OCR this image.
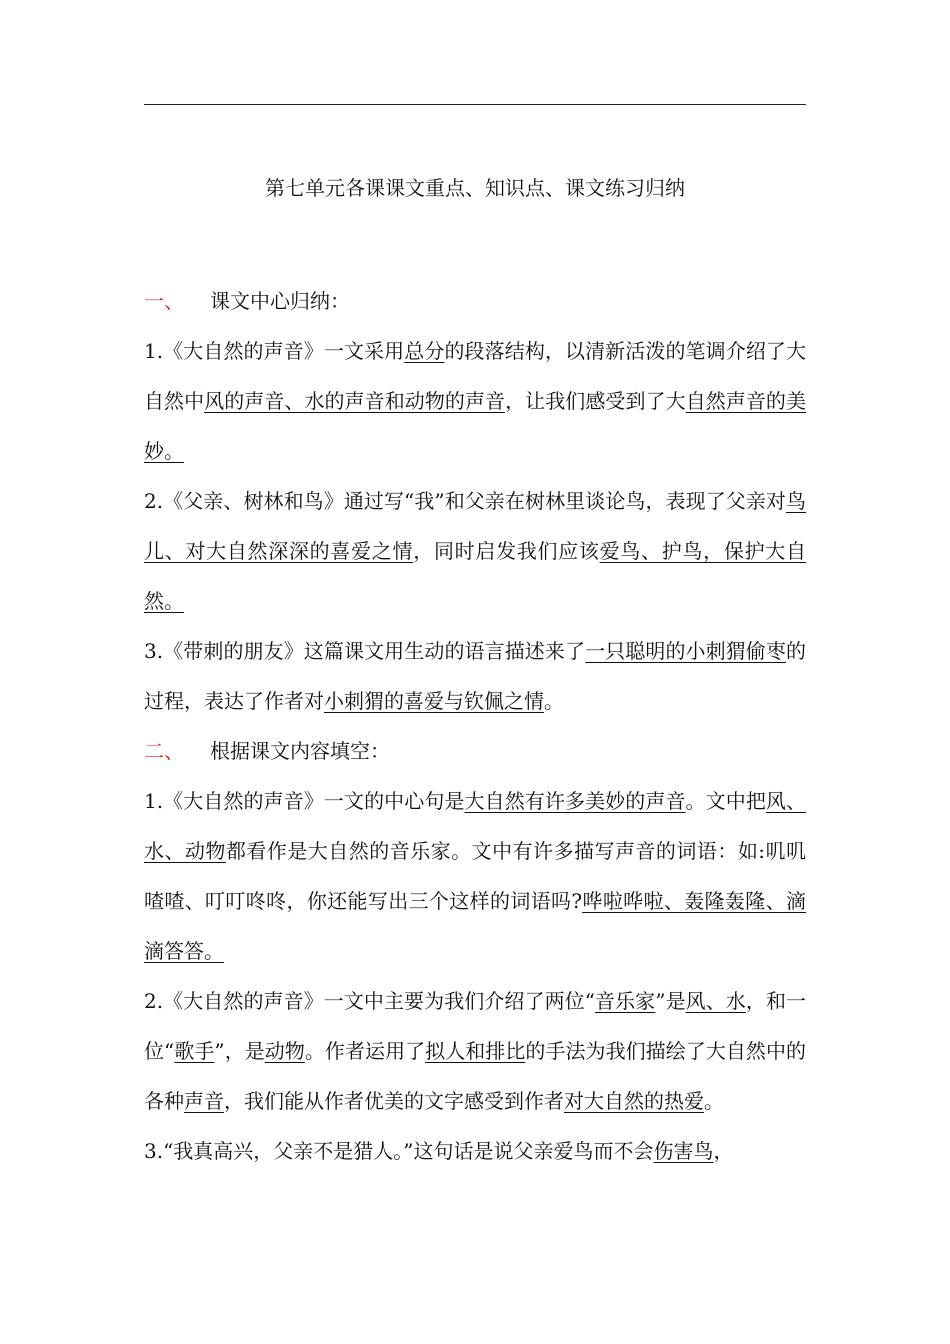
第七单元各课课文重点、知识点、课文练习归纳
一、 课文中心归纳：

1.《大自然的声音》一文采用总分的段落结构，以清新活泼的笔调介绍了大自然中风的声音、水的声音和动物的声音，让我们感受到了大自然声音的美妙。

2.《父亲、树林和鸟》通过写“我”和父亲在树林里谈论鸟，表现了父亲对鸟儿、对大自然深深的喜爱之情，同时启发我们应该爱鸟、护鸟，保护大自然。

3.《带刺的朋友》这篇课文用生动的语言描述来了一只聪明的小刺猬偷枣的过程，表达了作者对小刺猬的喜爱与钦佩之情。

二、 根据课文内容填空：

1.《大自然的声音》一文的中心句是大自然有许多美妙的声音。文中把风、水、动物都看作是大自然的音乐家。文中有许多描写声音的词语：如:叽叽喳喳、叮叮咚咚，你还能写出三个这样的词语吗?哗啦哗啦、轰隆轰隆、滴滴答答。

2.《大自然的声音》一文中主要为我们介绍了两位“音乐家”是风、水，和一位“歌手”，是动物。作者运用了拟人和排比的手法为我们描绘了大自然中的各种声音，我们能从作者优美的文字感受到作者对大自然的热爱。

3.“我真高兴，父亲不是猎人。”这句话是说父亲爱鸟而不会伤害鸟，
